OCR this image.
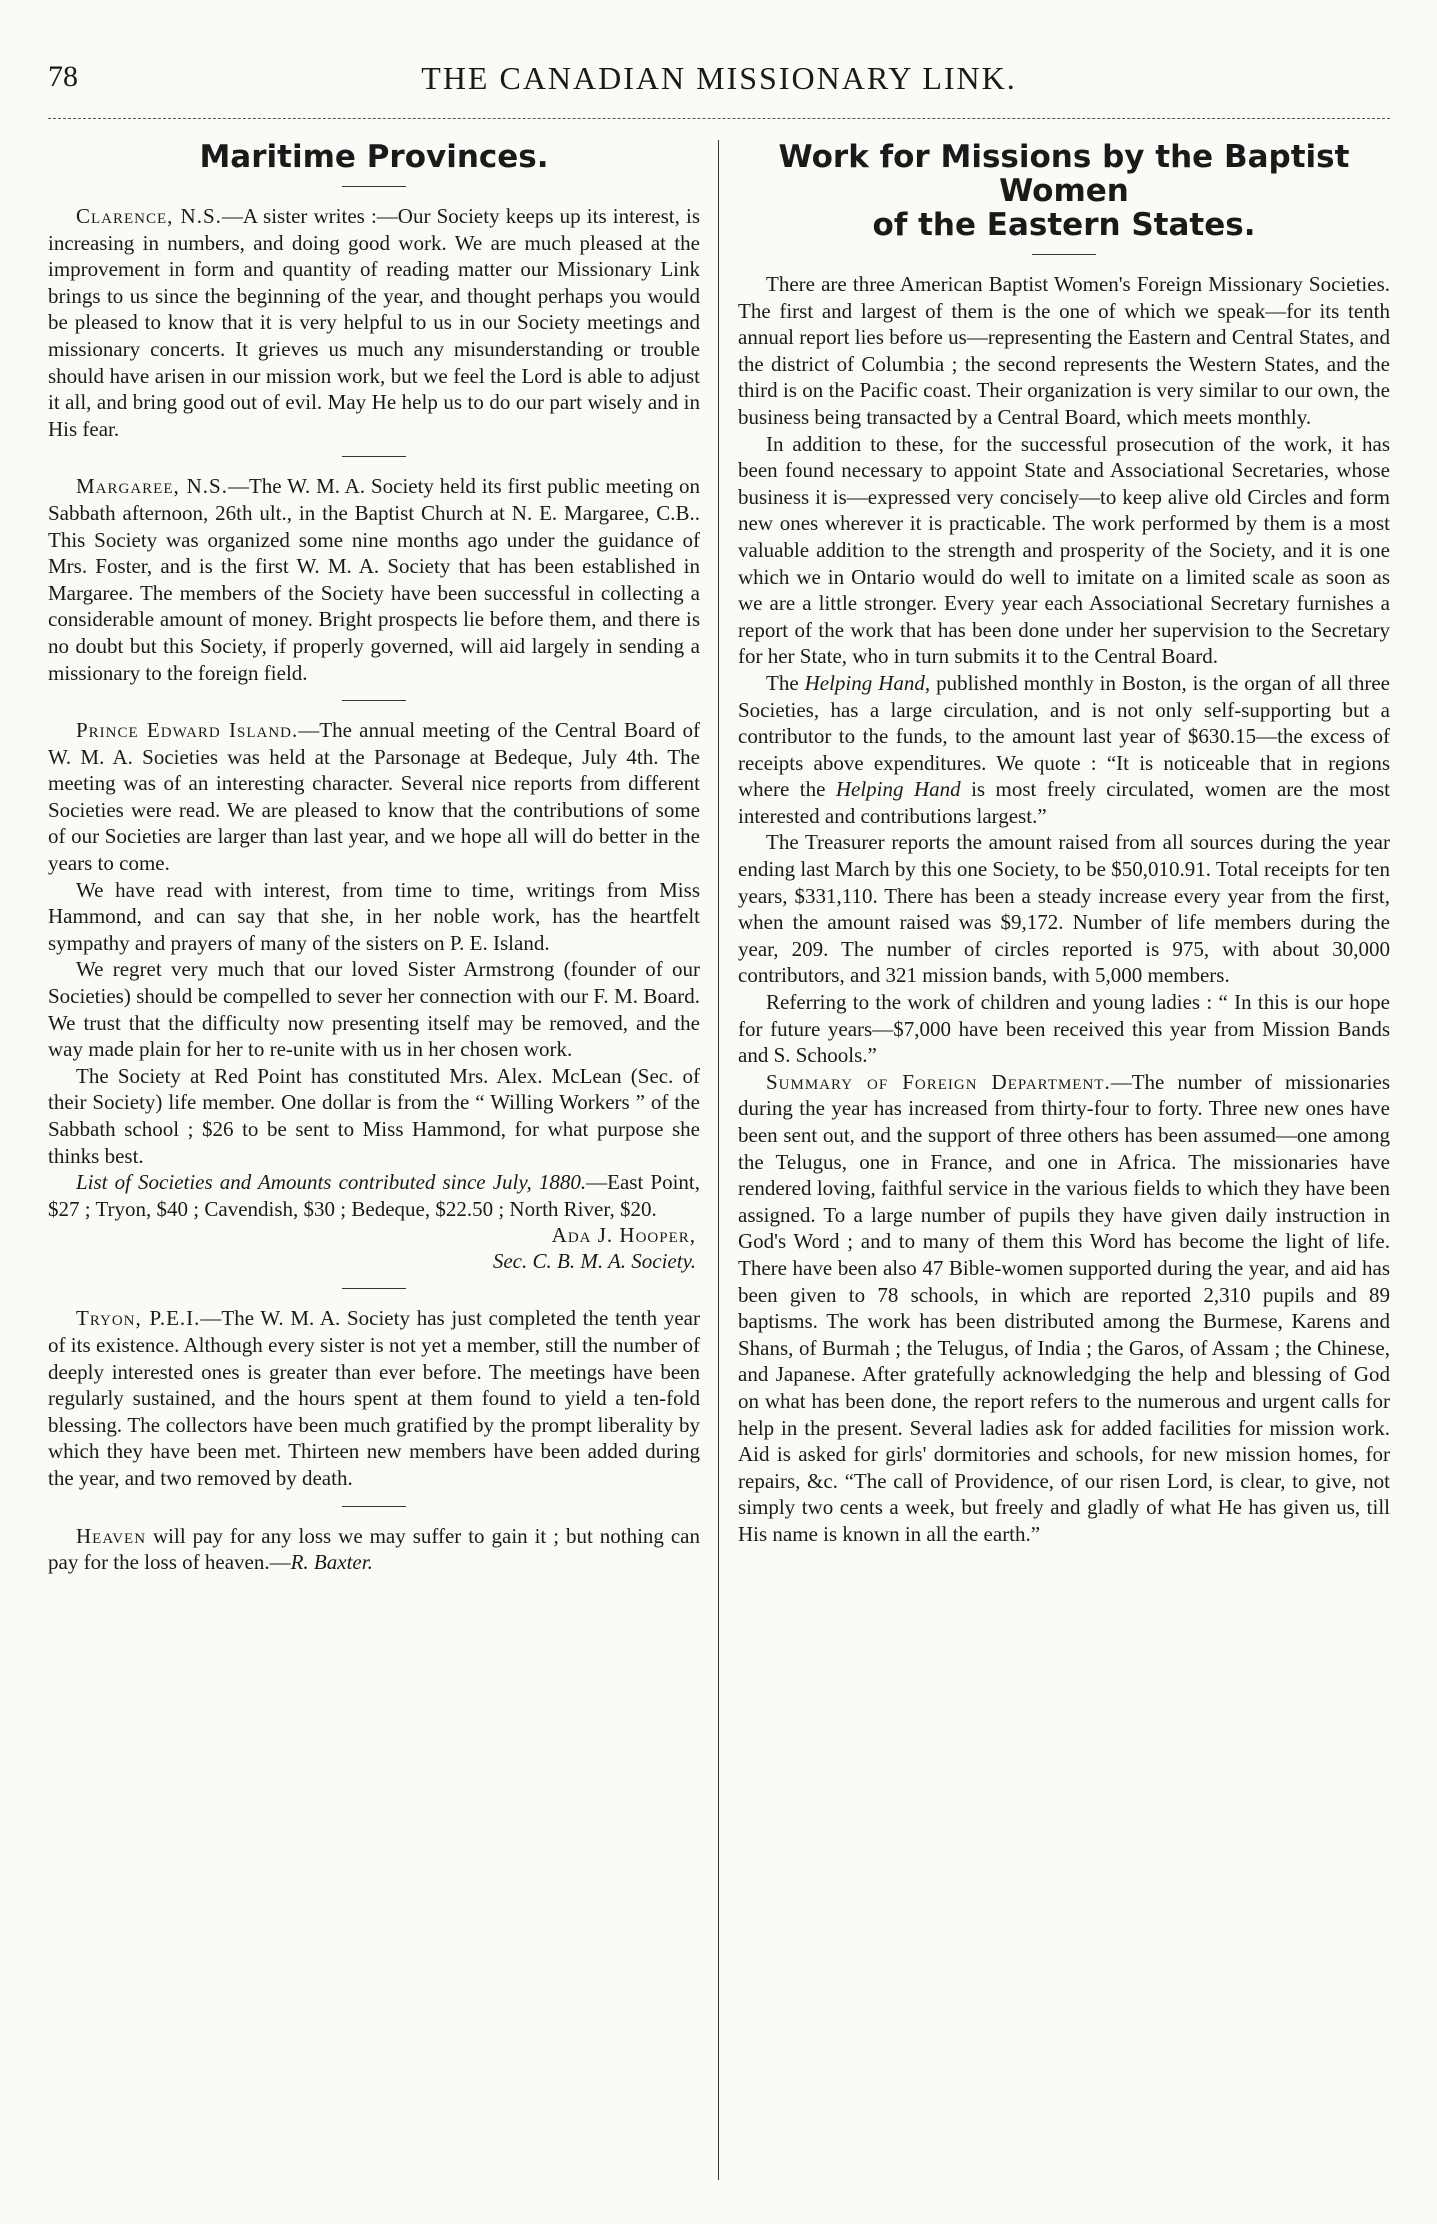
78	THE CANADIAN MISSIONARY LINK.
Maritime Provinces.

Clarence, N.S.—A sister writes :—Our Society keeps up its interest, is increasing in numbers, and doing good work. We are much pleased at the improvement in form and quantity of reading matter our Missionary Link brings to us since the beginning of the year, and thought perhaps you would be pleased to know that it is very helpful to us in our Society meetings and missionary concerts. It grieves us much any misunderstanding or trouble should have arisen in our mission work, but we feel the Lord is able to adjust it all, and bring good out of evil. May He help us to do our part wisely and in His fear.

Margaree, N.S.—The W. M. A. Society held its first public meeting on Sabbath afternoon, 26th ult., in the Baptist Church at N. E. Margaree, C.B.. This Society was organized some nine months ago under the guidance of Mrs. Foster, and is the first W. M. A. Society that has been established in Margaree. The members of the Society have been successful in collecting a considerable amount of money. Bright prospects lie before them, and there is no doubt but this Society, if properly governed, will aid largely in sending a missionary to the foreign field.

Prince Edward Island.—The annual meeting of the Central Board of W. M. A. Societies was held at the Parsonage at Bedeque, July 4th. The meeting was of an interesting character. Several nice reports from different Societies were read. We are pleased to know that the contributions of some of our Societies are larger than last year, and we hope all will do better in the years to come.

We have read with interest, from time to time, writings from Miss Hammond, and can say that she, in her noble work, has the heartfelt sympathy and prayers of many of the sisters on P. E. Island.

We regret very much that our loved Sister Armstrong (founder of our Societies) should be compelled to sever her connection with our F. M. Board. We trust that the difficulty now presenting itself may be removed, and the way made plain for her to re-unite with us in her chosen work.

The Society at Red Point has constituted Mrs. Alex. McLean (Sec. of their Society) life member. One dollar is from the “ Willing Workers ” of the Sabbath school ; $26 to be sent to Miss Hammond, for what purpose she thinks best.

List of Societies and Amounts contributed since July, 1880.—East Point, $27 ; Tryon, $40 ; Cavendish, $30 ; Bedeque, $22.50 ; North River, $20.

Ada J. Hooper,
Sec. C. B. M. A. Society.

Tryon, P.E.I.—The W. M. A. Society has just completed the tenth year of its existence. Although every sister is not yet a member, still the number of deeply interested ones is greater than ever before. The meetings have been regularly sustained, and the hours spent at them found to yield a ten-fold blessing. The collectors have been much gratified by the prompt liberality by which they have been met. Thirteen new members have been added during the year, and two removed by death.

Heaven will pay for any loss we may suffer to gain it ; but nothing can pay for the loss of heaven.—R. Baxter.

Work for Missions by the Baptist Women
of the Eastern States.

There are three American Baptist Women's Foreign Missionary Societies. The first and largest of them is the one of which we speak—for its tenth annual report lies before us—representing the Eastern and Central States, and the district of Columbia ; the second represents the Western States, and the third is on the Pacific coast. Their organization is very similar to our own, the business being transacted by a Central Board, which meets monthly.

In addition to these, for the successful prosecution of the work, it has been found necessary to appoint State and Associational Secretaries, whose business it is—expressed very concisely—to keep alive old Circles and form new ones wherever it is practicable. The work performed by them is a most valuable addition to the strength and prosperity of the Society, and it is one which we in Ontario would do well to imitate on a limited scale as soon as we are a little stronger. Every year each Associational Secretary furnishes a report of the work that has been done under her supervision to the Secretary for her State, who in turn submits it to the Central Board.

The Helping Hand, published monthly in Boston, is the organ of all three Societies, has a large circulation, and is not only self-supporting but a contributor to the funds, to the amount last year of $630.15—the excess of receipts above expenditures. We quote : “It is noticeable that in regions where the Helping Hand is most freely circulated, women are the most interested and contributions largest.”

The Treasurer reports the amount raised from all sources during the year ending last March by this one Society, to be $50,010.91. Total receipts for ten years, $331,110. There has been a steady increase every year from the first, when the amount raised was $9,172. Number of life members during the year, 209. The number of circles reported is 975, with about 30,000 contributors, and 321 mission bands, with 5,000 members.

Referring to the work of children and young ladies : “ In this is our hope for future years—$7,000 have been received this year from Mission Bands and S. Schools.”

Summary of Foreign Department.—The number of missionaries during the year has increased from thirty-four to forty. Three new ones have been sent out, and the support of three others has been assumed—one among the Telugus, one in France, and one in Africa. The missionaries have rendered loving, faithful service in the various fields to which they have been assigned. To a large number of pupils they have given daily instruction in God's Word ; and to many of them this Word has become the light of life. There have been also 47 Bible-women supported during the year, and aid has been given to 78 schools, in which are reported 2,310 pupils and 89 baptisms. The work has been distributed among the Burmese, Karens and Shans, of Burmah ; the Telugus, of India ; the Garos, of Assam ; the Chinese, and Japanese. After gratefully acknowledging the help and blessing of God on what has been done, the report refers to the numerous and urgent calls for help in the present. Several ladies ask for added facilities for mission work. Aid is asked for girls' dormitories and schools, for new mission homes, for repairs, &c. “The call of Providence, of our risen Lord, is clear, to give, not simply two cents a week, but freely and gladly of what He has given us, till His name is known in all the earth.”
